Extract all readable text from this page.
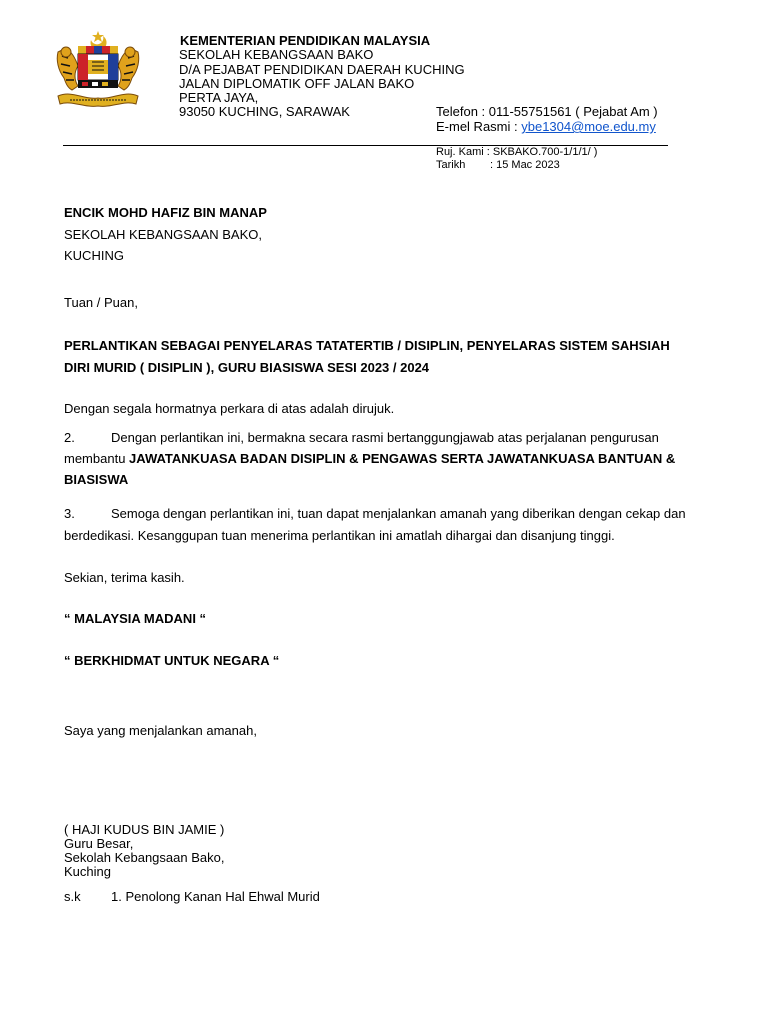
KEMENTERIAN PENDIDIKAN MALAYSIA
SEKOLAH KEBANGSAAN BAKO
D/A PEJABAT PENDIDIKAN DAERAH KUCHING
JALAN DIPLOMATIK OFF JALAN BAKO
PERTA JAYA,
93050 KUCHING, SARAWAK	Telefon : 011-55751561 ( Pejabat Am )
E-mel Rasmi : ybe1304@moe.edu.my
Ruj. Kami : SKBAKO.700-1/1/1/ )
Tarikh : 15 Mac 2023
ENCIK MOHD HAFIZ BIN MANAP
SEKOLAH KEBANGSAAN BAKO,
KUCHING
Tuan / Puan,
PERLANTIKAN SEBAGAI PENYELARAS TATATERTIB / DISIPLIN, PENYELARAS SISTEM SAHSIAH
DIRI MURID ( DISIPLIN ), GURU BIASISWA SESI 2023 / 2024
Dengan segala hormatnya perkara di atas adalah dirujuk.
2.	Dengan perlantikan ini, bermakna secara rasmi bertanggungjawab atas perjalanan pengurusan
membantu JAWATANKUASA BADAN DISIPLIN & PENGAWAS SERTA JAWATANKUASA BANTUAN &
BIASISWA
3.	Semoga dengan perlantikan ini, tuan dapat menjalankan amanah yang diberikan dengan cekap dan
berdedikasi. Kesanggupan tuan menerima perlantikan ini amatlah dihargai dan disanjung tinggi.
Sekian, terima kasih.
“ MALAYSIA MADANI “
“ BERKHIDMAT UNTUK NEGARA “
Saya yang menjalankan amanah,
( HAJI KUDUS BIN JAMIE )
Guru Besar,
Sekolah Kebangsaan Bako,
Kuching
s.k 1. Penolong Kanan Hal Ehwal Murid
